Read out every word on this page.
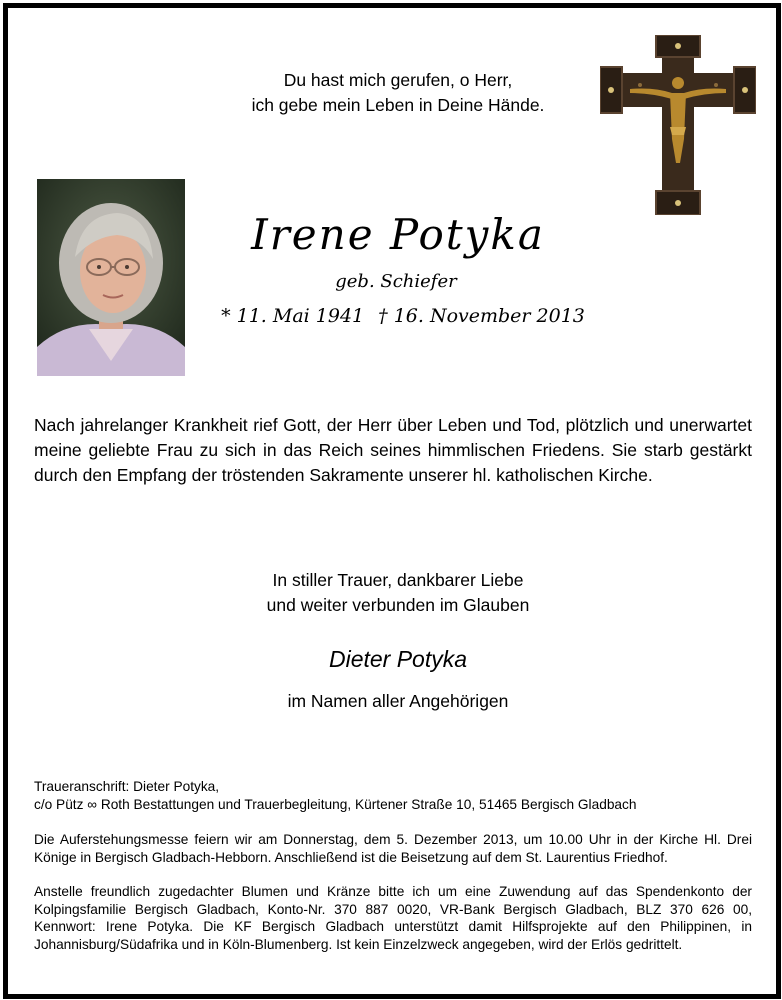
Du hast mich gerufen, o Herr,
ich gebe mein Leben in Deine Hände.
Irene Potyka
geb. Schiefer
* 11. Mai 1941 † 16. November 2013
Nach jahrelanger Krankheit rief Gott, der Herr über Leben und Tod, plötzlich und unerwartet meine geliebte Frau zu sich in das Reich seines himmlischen Friedens. Sie starb gestärkt durch den Empfang der tröstenden Sakramente unserer hl. katholischen Kirche.
In stiller Trauer, dankbarer Liebe
und weiter verbunden im Glauben
Dieter Potyka
im Namen aller Angehörigen
Traueranschrift: Dieter Potyka,
c/o Pütz ∞ Roth Bestattungen und Trauerbegleitung, Kürtener Straße 10, 51465 Bergisch Gladbach
Die Auferstehungsmesse feiern wir am Donnerstag, dem 5. Dezember 2013, um 10.00 Uhr in der Kirche Hl. Drei Könige in Bergisch Gladbach-Hebborn. Anschließend ist die Beisetzung auf dem St. Laurentius Friedhof.
Anstelle freundlich zugedachter Blumen und Kränze bitte ich um eine Zuwendung auf das Spendenkonto der Kolpingsfamilie Bergisch Gladbach, Konto-Nr. 370 887 0020, VR-Bank Bergisch Gladbach, BLZ 370 626 00, Kennwort: Irene Potyka. Die KF Bergisch Gladbach unterstützt damit Hilfsprojekte auf den Philippinen, in Johannisburg/Südafrika und in Köln-Blumenberg. Ist kein Einzelzweck angegeben, wird der Erlös gedrittelt.
